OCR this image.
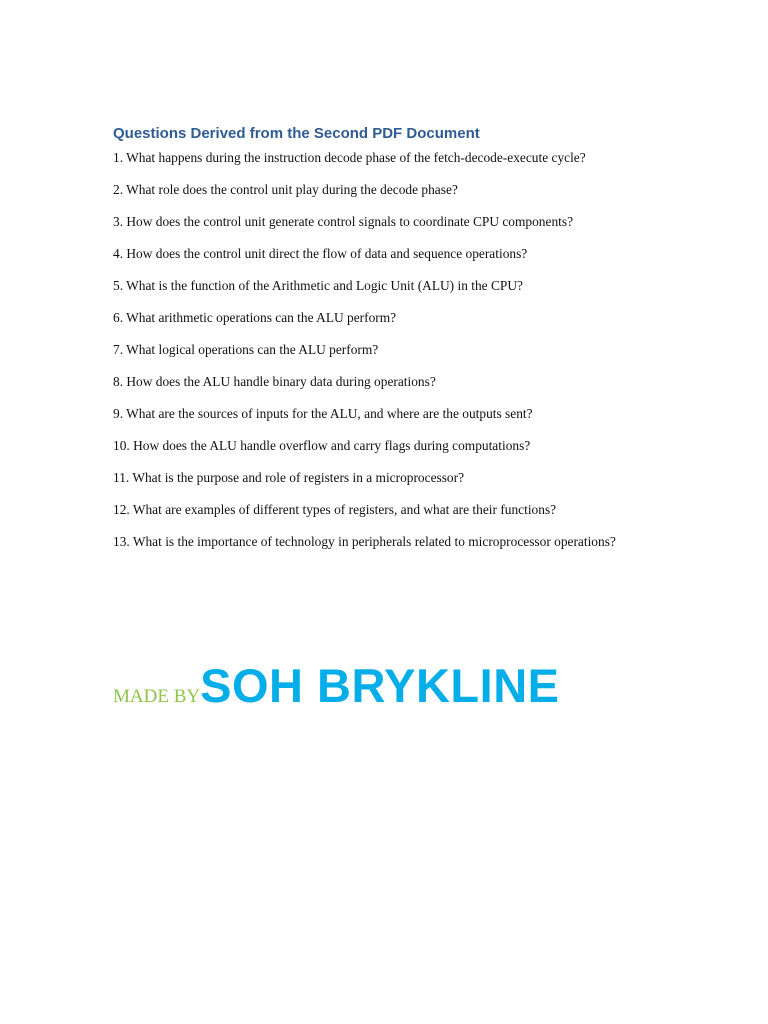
Questions Derived from the Second PDF Document
1. What happens during the instruction decode phase of the fetch-decode-execute cycle?
2. What role does the control unit play during the decode phase?
3. How does the control unit generate control signals to coordinate CPU components?
4. How does the control unit direct the flow of data and sequence operations?
5. What is the function of the Arithmetic and Logic Unit (ALU) in the CPU?
6. What arithmetic operations can the ALU perform?
7. What logical operations can the ALU perform?
8. How does the ALU handle binary data during operations?
9. What are the sources of inputs for the ALU, and where are the outputs sent?
10. How does the ALU handle overflow and carry flags during computations?
11. What is the purpose and role of registers in a microprocessor?
12. What are examples of different types of registers, and what are their functions?
13. What is the importance of technology in peripherals related to microprocessor operations?
MADE BYSOH BRYKLINE
